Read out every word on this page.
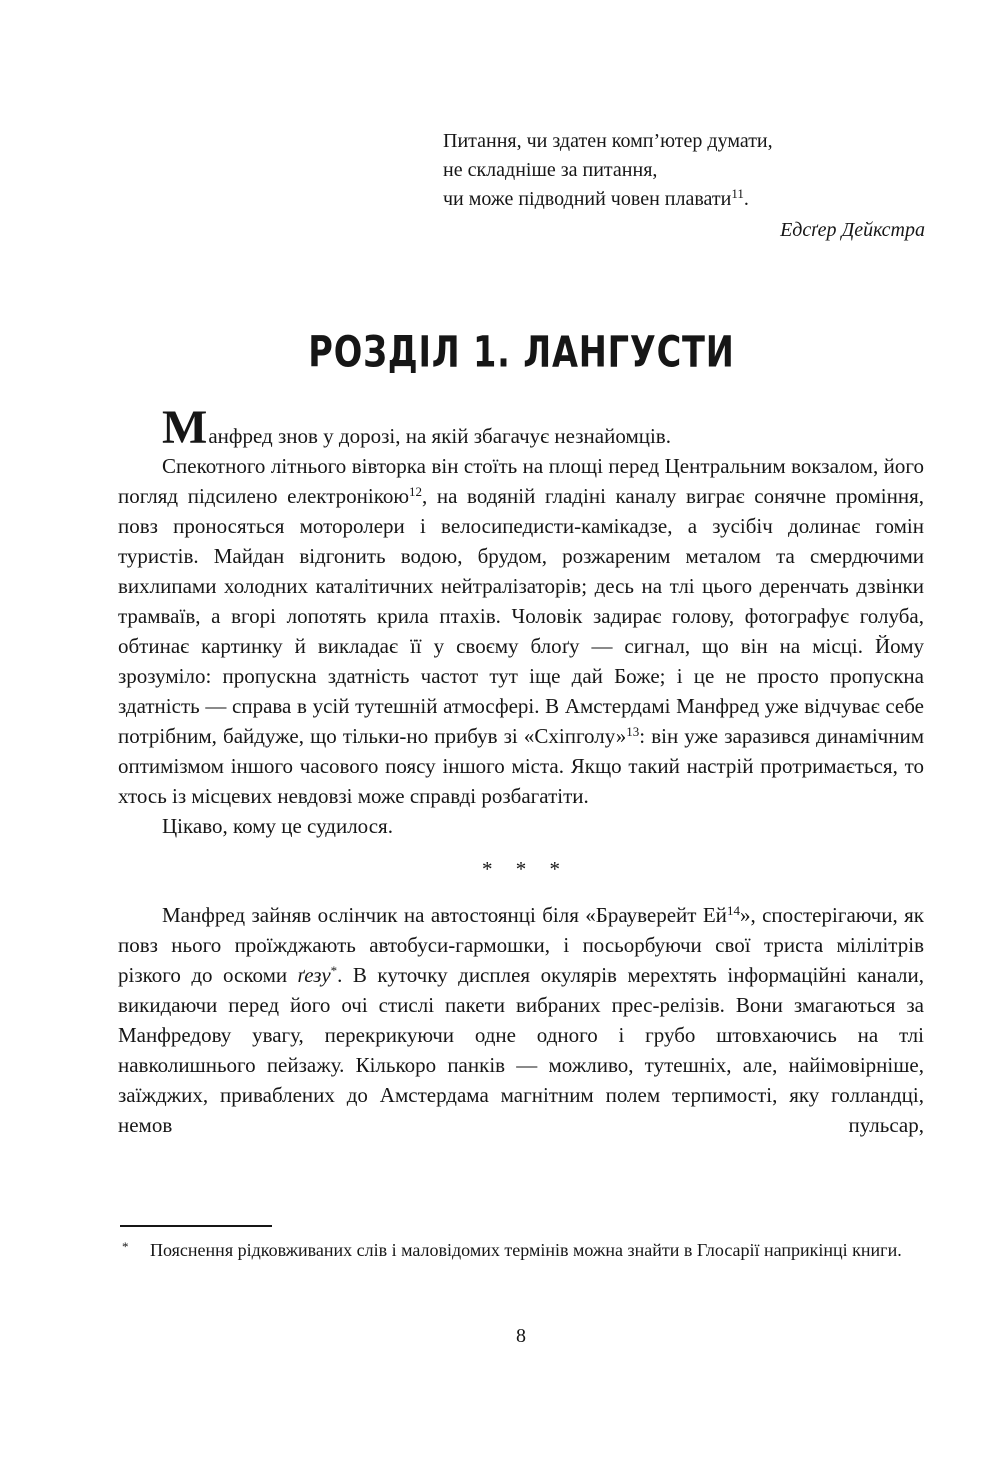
Питання, чи здатен комп’ютер думати,
не складніше за питання,
чи може підводний човен плавати$^{11}$.
Едсґер Дейкстра
РОЗДІЛ 1. ЛАНГУСТИ

Манфред знов у дорозі, на якій збагачує незнайомців.

Спекотного літнього вівторка він стоїть на площі перед Центральним вокзалом, його погляд підсилено електронікою$^{12}$, на водяній гладіні каналу виграє сонячне проміння, повз проносяться моторолери і велосипедисти-камікадзе, а зусібіч долинає гомін туристів. Майдан відгонить водою, брудом, розжареним металом та смердючими вихлипами холодних каталітичних нейтралізаторів; десь на тлі цього деренчать дзвінки трамваїв, а вгорі лопотять крила птахів. Чоловік задирає голову, фотографує голуба, обтинає картинку й викладає її у своєму блоґу — сигнал, що він на місці. Йому зрозуміло: пропускна здатність частот тут іще дай Боже; і це не просто пропускна здатність — справа в усій тутешній атмосфері. В Амстердамі Манфред уже відчуває себе потрібним, байдуже, що тільки-но прибув зі «Схіпголу»$^{13}$: він уже заразився динамічним оптимізмом іншого часового поясу іншого міста. Якщо такий настрій протримається, то хтось із місцевих невдовзі може справді розбагатіти.

Цікаво, кому це судилося.

* * *

Манфред зайняв ослінчик на автостоянці біля «Брауверейт $Ей^{14}$», спостерігаючи, як повз нього проїжджають автобуси-гармошки, і посьорбуючи свої триста мілілітрів різкого до оскоми ґезу*. В куточку дисплея окулярів мерехтять інформаційні канали, викидаючи перед його очі стислі пакети вибраних прес-релізів. Вони змагаються за Манфредову увагу, перекрикуючи одне одного і грубо штовхаючись на тлі навколишнього пейзажу. Кількоро панків — можливо, тутешніх, але, найімовірніше, заїжджих, приваблених до Амстердама магнітним полем терпимості, яку голландці, немов пульсар,

* Пояснення рідковживаних слів і маловідомих термінів можна знайти в Глосарії наприкінці книги.
8
